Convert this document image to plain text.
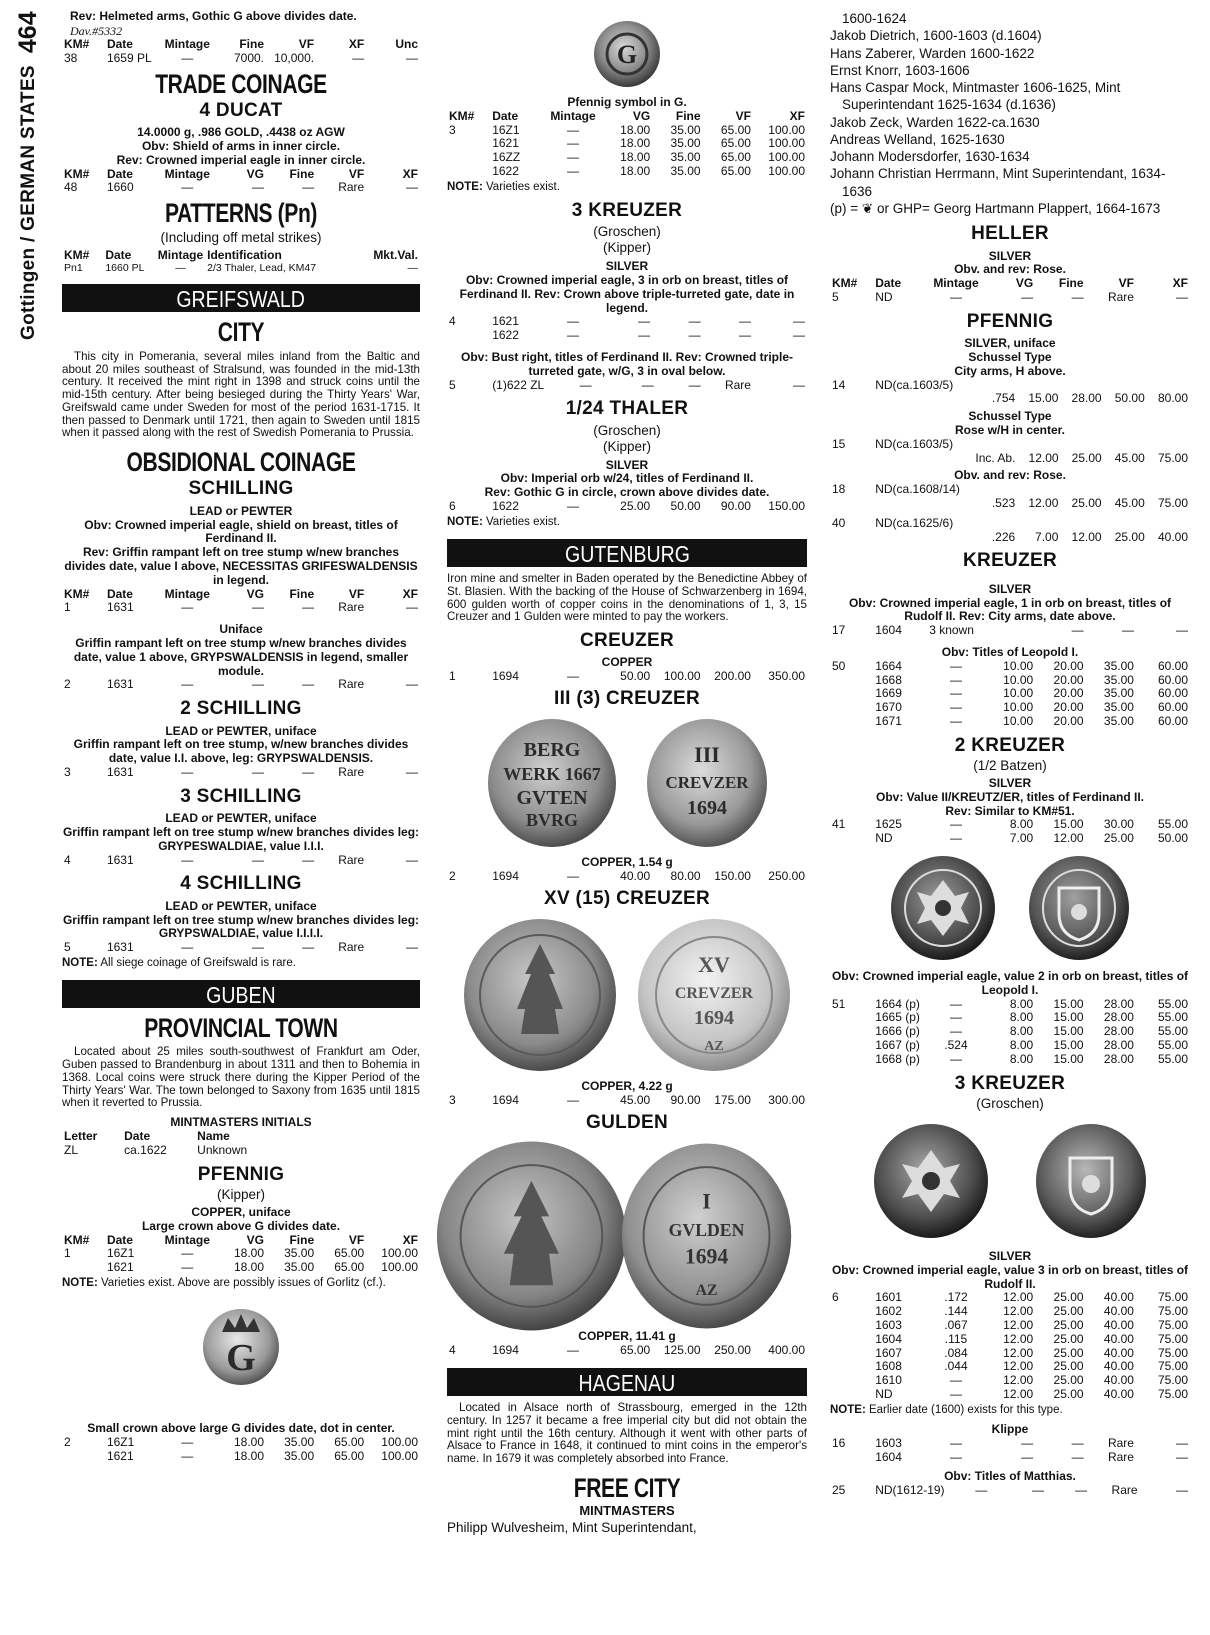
Gottingen / GERMAN STATES
464	Rev: Helmeted arms, Gothic G above divides date.
Dav.#5332
KM#	Date	Mintage	Fine	VF	XF	Unc
38	1659 PL	—	7000.	10,000.	—	—
TRADE COINAGE
4 DUCAT
14.0000 g, .986 GOLD, .4438 oz AGW
Obv: Shield of arms in inner circle.
Rev: Crowned imperial eagle in inner circle.
KM#	Date	Mintage	VG	Fine	VF	XF
48	1660	—	—	—	Rare	—
PATTERNS (Pn)
(Including off metal strikes)
KM#	Date	Mintage	Identification	Mkt.Val.
Pn1	1660 PL	—	2/3 Thaler, Lead, KM47	—
GREIFSWALD
CITY
This city in Pomerania, several miles inland from the Baltic and about 20 miles southeast of Stralsund, was founded in the mid-13th century. It received the mint right in 1398 and struck coins until the mid-15th century. After being besieged during the Thirty Years' War, Greifswald came under Sweden for most of the period 1631-1715. It then passed to Denmark until 1721, then again to Sweden until 1815 when it passed along with the rest of Swedish Pomerania to Prussia.
OBSIDIONAL COINAGE
SCHILLING
LEAD or PEWTER
Obv: Crowned imperial eagle, shield on breast, titles of Ferdinand II.
Rev: Griffin rampant left on tree stump w/new branches divides date, value I above, NECESSITAS GRIFESWALDENSIS in legend.
KM#	Date	Mintage	VG	Fine	VF	XF
1	1631	—	—	—	Rare	—
Uniface
Griffin rampant left on tree stump w/new branches divides date, value 1 above, GRYPSWALDENSIS in legend, smaller module.
2	1631	—	—	—	Rare	—
2 SCHILLING
LEAD or PEWTER, uniface
Griffin rampant left on tree stump, w/new branches divides date, value I.I. above, leg: GRYPSWALDENSIS.
3	1631	—	—	—	Rare	—
3 SCHILLING
LEAD or PEWTER, uniface
Griffin rampant left on tree stump w/new branches divides leg: GRYPESWALDIAE, value I.I.I.
4	1631	—	—	—	Rare	—
4 SCHILLING
LEAD or PEWTER, uniface
Griffin rampant left on tree stump w/new branches divides leg: GRYPSWALDIAE, value I.I.I.I.
5	1631	—	—	—	Rare	—
NOTE: All siege coinage of Greifswald is rare.
GUBEN
PROVINCIAL TOWN
Located about 25 miles south-southwest of Frankfurt am Oder, Guben passed to Brandenburg in about 1311 and then to Bohemia in 1368. Local coins were struck there during the Kipper Period of the Thirty Years' War. The town belonged to Saxony from 1635 until 1815 when it reverted to Prussia.
MINTMASTERS INITIALS
Letter	Date	Name
ZL	ca.1622	Unknown
PFENNIG
(Kipper)
COPPER, uniface
Large crown above G divides date.
KM#	Date	Mintage	VG	Fine	VF	XF
1	16Z1	—	18.00	35.00	65.00	100.00
	1621	—	18.00	35.00	65.00	100.00
NOTE: Varieties exist. Above are possibly issues of Gorlitz (cf.).
G
Small crown above large G divides date, dot in center.
2	16Z1	—	18.00	35.00	65.00	100.00
	1621	—	18.00	35.00	65.00	100.00
G
Pfennig symbol in G.
KM#	Date	Mintage	VG	Fine	VF	XF
3	16Z1	—	18.00	35.00	65.00	100.00
	1621	—	18.00	35.00	65.00	100.00
	16ZZ	—	18.00	35.00	65.00	100.00
	1622	—	18.00	35.00	65.00	100.00
NOTE: Varieties exist.
3 KREUZER
(Groschen)
(Kipper)
SILVER
Obv: Crowned imperial eagle, 3 in orb on breast, titles of Ferdinand II. Rev: Crown above triple-turreted gate, date in legend.
4	1621	—	—	—	—	—
	1622	—	—	—	—	—
Obv: Bust right, titles of Ferdinand II. Rev: Crowned triple-turreted gate, w/G, 3 in oval below.
5	(1)622 ZL	—	—	—	Rare	—
1/24 THALER
(Groschen)
(Kipper)
SILVER
Obv: Imperial orb w/24, titles of Ferdinand II.
Rev: Gothic G in circle, crown above divides date.
6	1622	—	25.00	50.00	90.00	150.00
NOTE: Varieties exist.
GUTENBURG
Iron mine and smelter in Baden operated by the Benedictine Abbey of St. Blasien. With the backing of the House of Schwarzenberg in 1694, 600 gulden worth of copper coins in the denominations of 1, 3, 15 Creuzer and 1 Gulden were minted to pay the workers.
CREUZER
COPPER
1	1694	—	50.00	100.00	200.00	350.00
III (3) CREUZER
BERG
WERK 1667
GVTEN
BVRG
III
CREVZER
1694
COPPER, 1.54 g
2	1694	—	40.00	80.00	150.00	250.00
XV (15) CREUZER
XV
CREVZER
1694
AZ
COPPER, 4.22 g
3	1694	—	45.00	90.00	175.00	300.00
GULDEN
I
GVLDEN
1694
AZ
COPPER, 11.41 g
4	1694	—	65.00	125.00	250.00	400.00
HAGENAU
Located in Alsace north of Strassbourg, emerged in the 12th century. In 1257 it became a free imperial city but did not obtain the mint right until the 16th century. Although it went with other parts of Alsace to France in 1648, it continued to mint coins in the emperor's name. In 1679 it was completely absorbed into France.
FREE CITY
MINTMASTERS
Philipp Wulvesheim, Mint Superintendant,
1600-1624
Jakob Dietrich, 1600-1603 (d.1604)
Hans Zaberer, Warden 1600-1622
Ernst Knorr, 1603-1606
Hans Caspar Mock, Mintmaster 1606-1625, Mint Superintendant 1625-1634 (d.1636)
Jakob Zeck, Warden 1622-ca.1630
Andreas Welland, 1625-1630
Johann Modersdorfer, 1630-1634
Johann Christian Herrmann, Mint Superintendant, 1634-1636
(p) = ❦ or GHP= Georg Hartmann Plappert, 1664-1673
HELLER
SILVER
Obv. and rev: Rose.
KM#	Date	Mintage	VG	Fine	VF	XF
5	ND	—	—	—	Rare	—
PFENNIG
SILVER, uniface
Schussel Type
City arms, H above.
14	ND(ca.1603/5)					
		.754	15.00	28.00	50.00	80.00
Schussel Type
Rose w/H in center.
15	ND(ca.1603/5)					
		Inc. Ab.	12.00	25.00	45.00	75.00
Obv. and rev: Rose.
18	ND(ca.1608/14)					
		.523	12.00	25.00	45.00	75.00
40	ND(ca.1625/6)					
		.226	7.00	12.00	25.00	40.00
KREUZER
SILVER
Obv: Crowned imperial eagle, 1 in orb on breast, titles of Rudolf II. Rev: City arms, date above.
17	1604	3 known	—	—	—
Obv: Titles of Leopold I.
50	1664	—	10.00	20.00	35.00	60.00
	1668	—	10.00	20.00	35.00	60.00
	1669	—	10.00	20.00	35.00	60.00
	1670	—	10.00	20.00	35.00	60.00
	1671	—	10.00	20.00	35.00	60.00
2 KREUZER
(1/2 Batzen)
SILVER
Obv: Value II/KREUTZ/ER, titles of Ferdinand II.
Rev: Similar to KM#51.
41	1625	—	8.00	15.00	30.00	55.00
	ND	—	7.00	12.00	25.00	50.00
Obv: Crowned imperial eagle, value 2 in orb on breast, titles of Leopold I.
51	1664 (p)	—	8.00	15.00	28.00	55.00
	1665 (p)	—	8.00	15.00	28.00	55.00
	1666 (p)	—	8.00	15.00	28.00	55.00
	1667 (p)	.524	8.00	15.00	28.00	55.00
	1668 (p)	—	8.00	15.00	28.00	55.00
3 KREUZER
(Groschen)
SILVER
Obv: Crowned imperial eagle, value 3 in orb on breast, titles of Rudolf II.
6	1601	.172	12.00	25.00	40.00	75.00
	1602	.144	12.00	25.00	40.00	75.00
	1603	.067	12.00	25.00	40.00	75.00
	1604	.115	12.00	25.00	40.00	75.00
	1607	.084	12.00	25.00	40.00	75.00
	1608	.044	12.00	25.00	40.00	75.00
	1610	—	12.00	25.00	40.00	75.00
	ND	—	12.00	25.00	40.00	75.00
NOTE: Earlier date (1600) exists for this type.
Klippe
16	1603	—	—	—	Rare	—
	1604	—	—	—	Rare	—
Obv: Titles of Matthias.
25	ND(1612-19)	—	—	—	Rare	—
